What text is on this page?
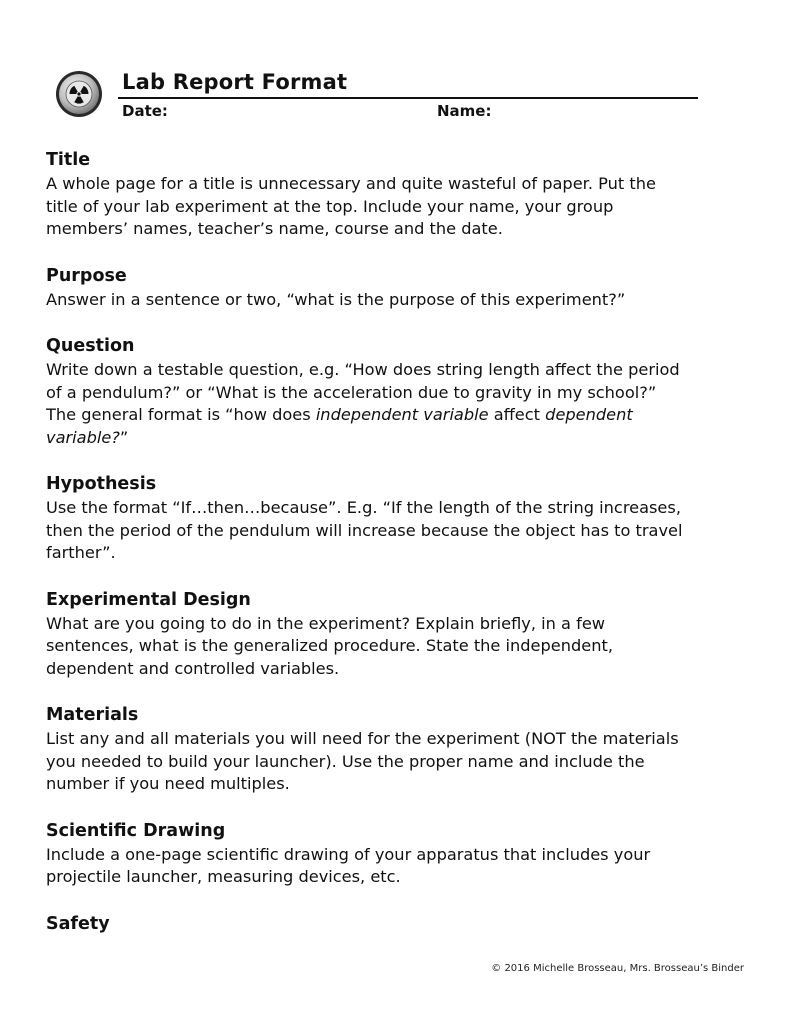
Lab Report Format
Date:	Name:

Title

A whole page for a title is unnecessary and quite wasteful of paper. Put the
title of your lab experiment at the top. Include your name, your group
members’ names, teacher’s name, course and the date.

Purpose

Answer in a sentence or two, “what is the purpose of this experiment?”

Question

Write down a testable question, e.g. “How does string length affect the period
of a pendulum?” or “What is the acceleration due to gravity in my school?”
The general format is “how does independent variable affect dependent
variable?”

Hypothesis

Use the format “If…then…because”. E.g. “If the length of the string increases,
then the period of the pendulum will increase because the object has to travel
farther”.

Experimental Design

What are you going to do in the experiment? Explain briefly, in a few
sentences, what is the generalized procedure. State the independent,
dependent and controlled variables.

Materials

List any and all materials you will need for the experiment (NOT the materials
you needed to build your launcher). Use the proper name and include the
number if you need multiples.

Scientific Drawing

Include a one-page scientific drawing of your apparatus that includes your
projectile launcher, measuring devices, etc.

Safety

© 2016 Michelle Brosseau, Mrs. Brosseau’s Binder
